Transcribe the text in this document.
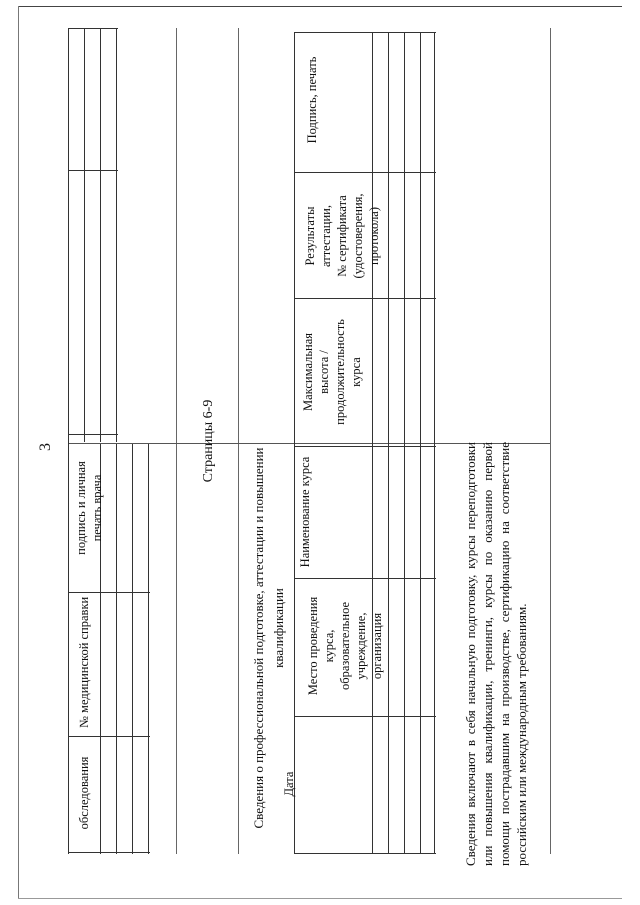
3
обследования
№ медицинской справки
подпись и личная печать врача
Страницы 6-9
Сведения о профессиональной подготовке, аттестации и повышении квалификации
Дата
Место проведения курса, образовательное учреждение, организация
Наименование курса
Максимальная высота / продолжительность курса
Результаты аттестации, № сертификата (удостоверения, протокола)
Подпись, печать
Сведения включают в себя начальную подготовку, курсы переподготовки или повышения квалификации, тренинги, курсы по оказанию первой помощи пострадавшим на производстве, сертификацию на соответствие российским или международным требованиям.
